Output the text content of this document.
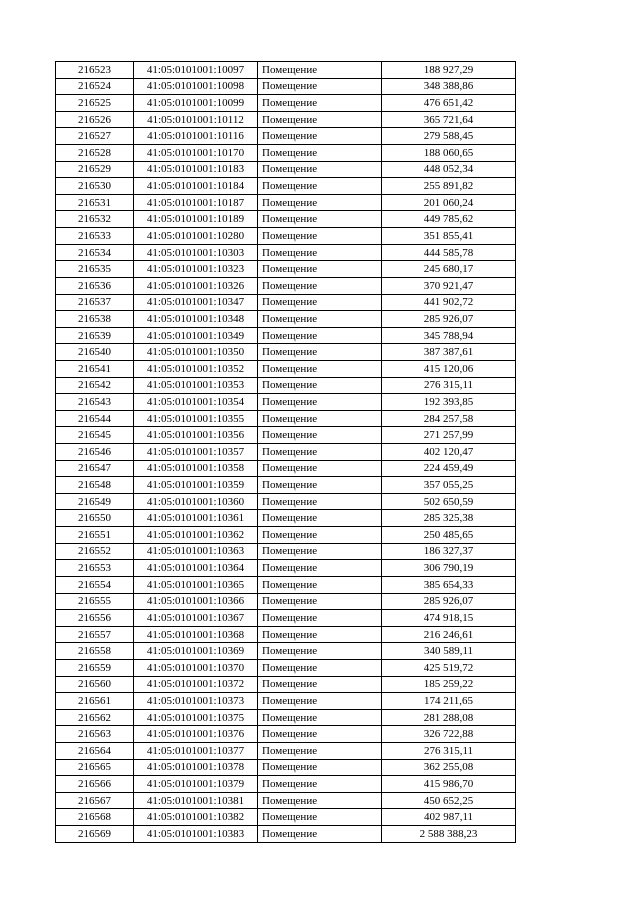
216523	41:05:0101001:10097	Помещение	188 927,29
216524	41:05:0101001:10098	Помещение	348 388,86
216525	41:05:0101001:10099	Помещение	476 651,42
216526	41:05:0101001:10112	Помещение	365 721,64
216527	41:05:0101001:10116	Помещение	279 588,45
216528	41:05:0101001:10170	Помещение	188 060,65
216529	41:05:0101001:10183	Помещение	448 052,34
216530	41:05:0101001:10184	Помещение	255 891,82
216531	41:05:0101001:10187	Помещение	201 060,24
216532	41:05:0101001:10189	Помещение	449 785,62
216533	41:05:0101001:10280	Помещение	351 855,41
216534	41:05:0101001:10303	Помещение	444 585,78
216535	41:05:0101001:10323	Помещение	245 680,17
216536	41:05:0101001:10326	Помещение	370 921,47
216537	41:05:0101001:10347	Помещение	441 902,72
216538	41:05:0101001:10348	Помещение	285 926,07
216539	41:05:0101001:10349	Помещение	345 788,94
216540	41:05:0101001:10350	Помещение	387 387,61
216541	41:05:0101001:10352	Помещение	415 120,06
216542	41:05:0101001:10353	Помещение	276 315,11
216543	41:05:0101001:10354	Помещение	192 393,85
216544	41:05:0101001:10355	Помещение	284 257,58
216545	41:05:0101001:10356	Помещение	271 257,99
216546	41:05:0101001:10357	Помещение	402 120,47
216547	41:05:0101001:10358	Помещение	224 459,49
216548	41:05:0101001:10359	Помещение	357 055,25
216549	41:05:0101001:10360	Помещение	502 650,59
216550	41:05:0101001:10361	Помещение	285 325,38
216551	41:05:0101001:10362	Помещение	250 485,65
216552	41:05:0101001:10363	Помещение	186 327,37
216553	41:05:0101001:10364	Помещение	306 790,19
216554	41:05:0101001:10365	Помещение	385 654,33
216555	41:05:0101001:10366	Помещение	285 926,07
216556	41:05:0101001:10367	Помещение	474 918,15
216557	41:05:0101001:10368	Помещение	216 246,61
216558	41:05:0101001:10369	Помещение	340 589,11
216559	41:05:0101001:10370	Помещение	425 519,72
216560	41:05:0101001:10372	Помещение	185 259,22
216561	41:05:0101001:10373	Помещение	174 211,65
216562	41:05:0101001:10375	Помещение	281 288,08
216563	41:05:0101001:10376	Помещение	326 722,88
216564	41:05:0101001:10377	Помещение	276 315,11
216565	41:05:0101001:10378	Помещение	362 255,08
216566	41:05:0101001:10379	Помещение	415 986,70
216567	41:05:0101001:10381	Помещение	450 652,25
216568	41:05:0101001:10382	Помещение	402 987,11
216569	41:05:0101001:10383	Помещение	2 588 388,23
